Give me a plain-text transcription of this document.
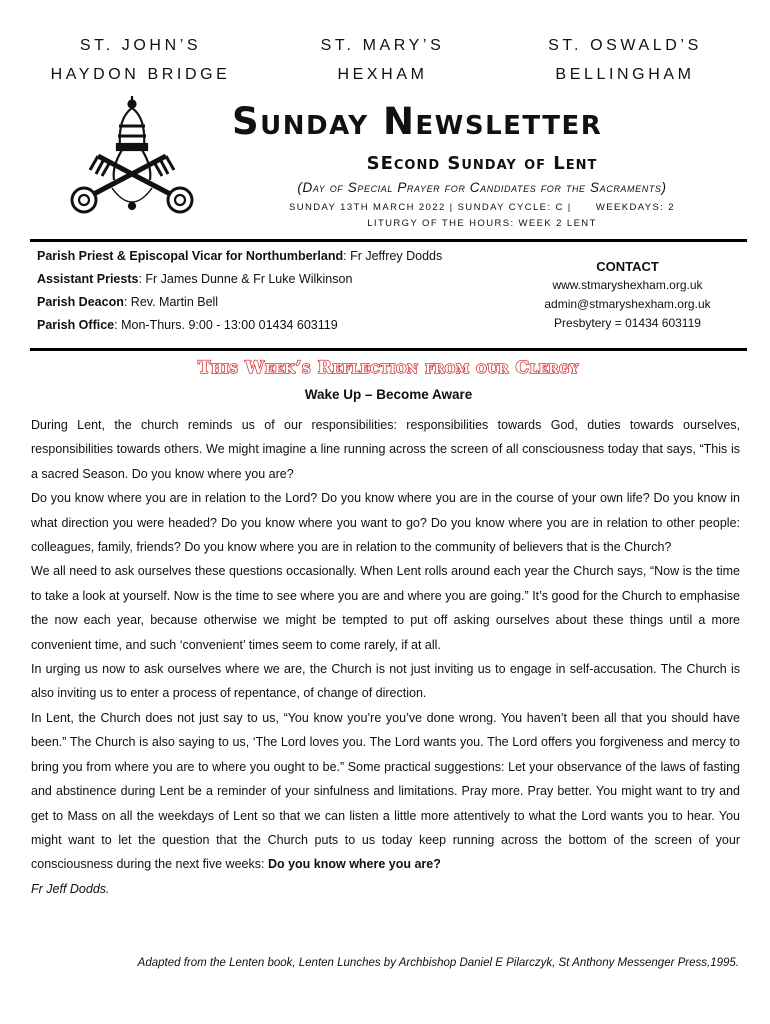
ST. JOHN’S
HAYDON BRIDGE
ST. MARY’S
HEXHAM
ST. OSWALD’S
BELLINGHAM
Sunday Newsletter
SEcond Sunday of Lent
(Day of Special Prayer for Candidates for the Sacraments)
SUNDAY 13TH MARCH 2022 | SUNDAY CYCLE: C |      WEEKDAYS: 2
LITURGY OF THE HOURS: WEEK 2 LENT
Parish Priest & Episcopal Vicar for Northumberland: Fr Jeffrey Dodds
Assistant Priests: Fr James Dunne & Fr Luke Wilkinson
Parish Deacon: Rev. Martin Bell
Parish Office: Mon-Thurs. 9:00 - 13:00 01434 603119
CONTACT
www.stmaryshexham.org.uk
admin@stmaryshexham.org.uk
Presbytery = 01434 603119
This Week’s Reflection from our Clergy
Wake Up – Become Aware

During Lent, the church reminds us of our responsibilities: responsibilities towards God, duties towards ourselves, responsibilities towards others. We might imagine a line running across the screen of all consciousness today that says, “This is a sacred Season. Do you know where you are?

Do you know where you are in relation to the Lord? Do you know where you are in the course of your own life? Do you know in what direction you were headed? Do you know where you want to go? Do you know where you are in relation to other people: colleagues, family, friends? Do you know where you are in relation to the community of believers that is the Church?

We all need to ask ourselves these questions occasionally. When Lent rolls around each year the Church says, “Now is the time to take a look at yourself. Now is the time to see where you are and where you are going.” It’s good for the Church to emphasise the now each year, because otherwise we might be tempted to put off asking ourselves about these things until a more convenient time, and such ‘convenient’ times seem to come rarely, if at all.

In urging us now to ask ourselves where we are, the Church is not just inviting us to engage in self-accusation. The Church is also inviting us to enter a process of repentance, of change of direction.

In Lent, the Church does not just say to us, “You know you’re you’ve done wrong. You haven’t been all that you should have been.” The Church is also saying to us, ‘The Lord loves you. The Lord wants you. The Lord offers you forgiveness and mercy to bring you from where you are to where you ought to be.” Some practical suggestions: Let your observance of the laws of fasting and abstinence during Lent be a reminder of your sinfulness and limitations. Pray more. Pray better. You might want to try and get to Mass on all the weekdays of Lent so that we can listen a little more attentively to what the Lord wants you to hear. You might want to let the question that the Church puts to us today keep running across the bottom of the screen of your consciousness during the next five weeks: Do you know where you are?

Fr Jeff Dodds.

Adapted from the Lenten book, Lenten Lunches by Archbishop Daniel E Pilarczyk, St Anthony Messenger Press,1995.
